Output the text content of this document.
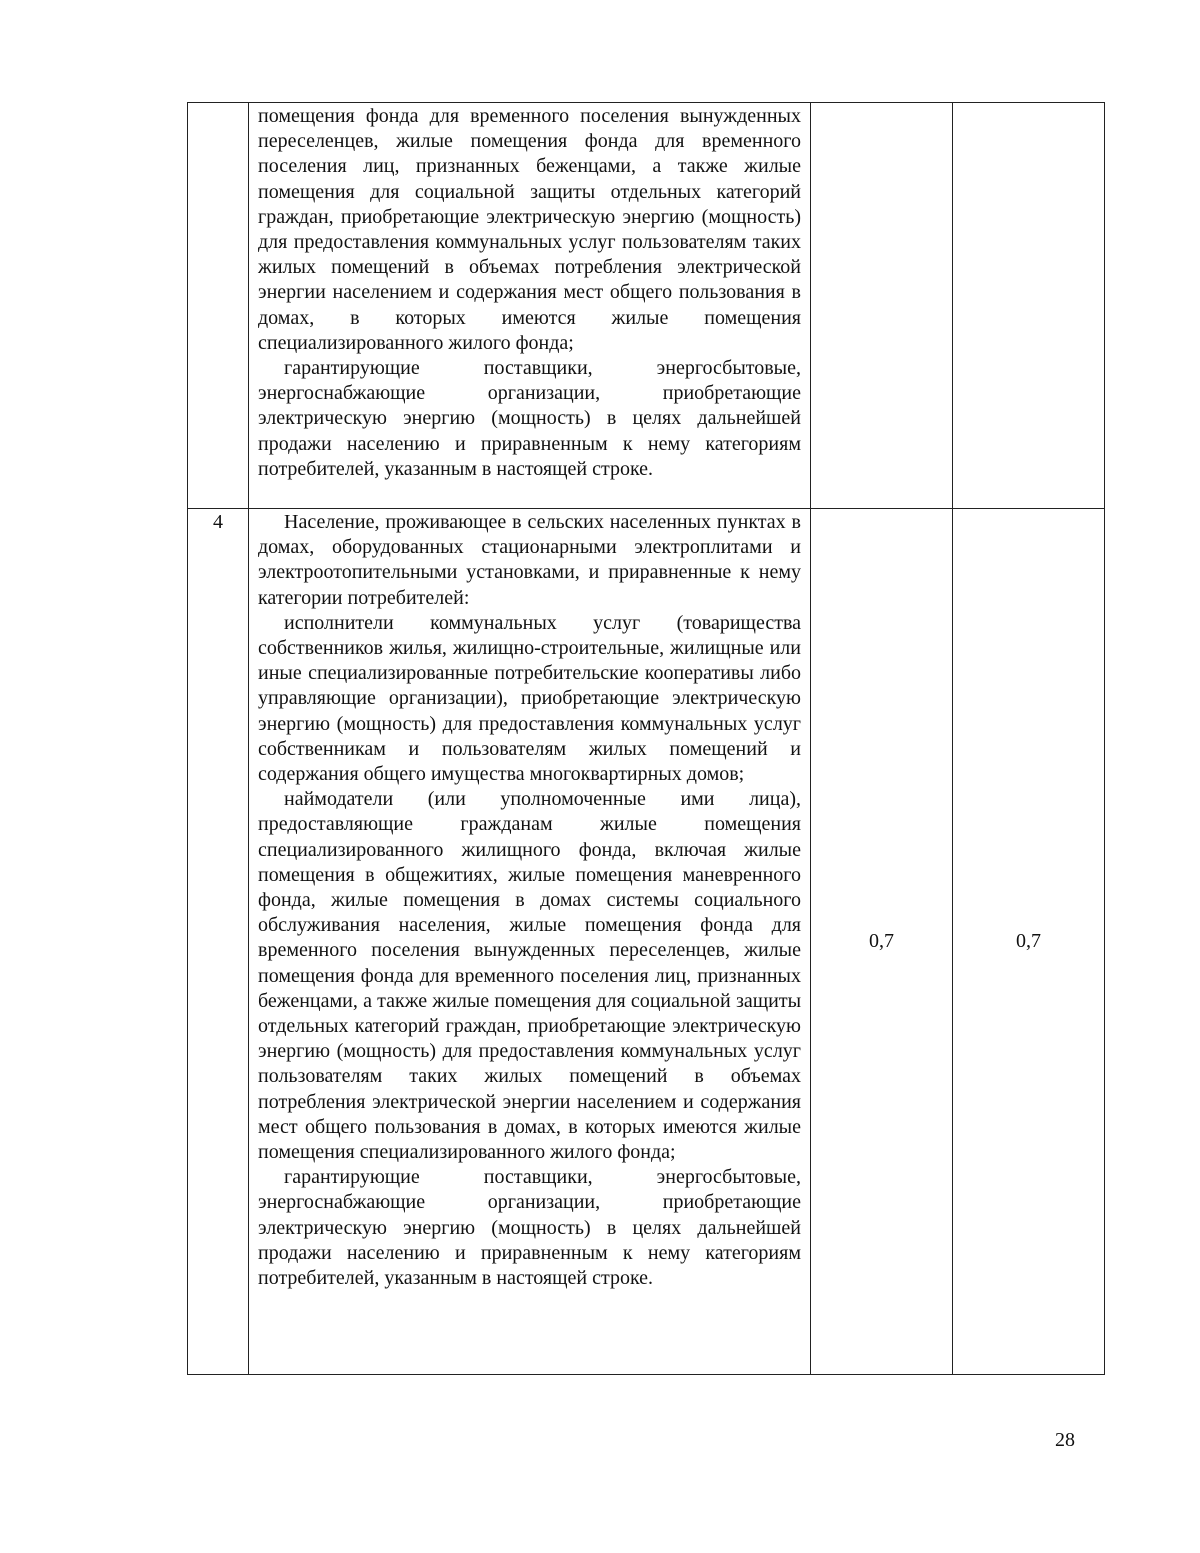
	помещения фонда для временного поселения вынужденных переселенцев, жилые помещения фонда для временного поселения лиц, признанных беженцами, а также жилые помещения для социальной защиты отдельных категорий граждан, приобретающие электрическую энергию (мощность) для предоставления коммунальных услуг пользователям таких жилых помещений в объемах потребления электрической энергии населением и содержания мест общего пользования в домах, в которых имеются жилые помещения специализированного жилого фонда;

гарантирующие поставщики, энергосбытовые, энергоснабжающие организации, приобретающие электрическую энергию (мощность) в целях дальнейшей продажи населению и приравненным к нему категориям потребителей, указанным в настоящей строке.		

4	Население, проживающее в сельских населенных пунктах в домах, оборудованных стационарными электроплитами и электроотопительными установками, и приравненные к нему категории потребителей:

исполнители коммунальных услуг (товарищества собственников жилья, жилищно-строительные, жилищные или иные специализированные потребительские кооперативы либо управляющие организации), приобретающие электрическую энергию (мощность) для предоставления коммунальных услуг собственникам и пользователям жилых помещений и содержания общего имущества многоквартирных домов;

наймодатели (или уполномоченные ими лица), предоставляющие гражданам жилые помещения специализированного жилищного фонда, включая жилые помещения в общежитиях, жилые помещения маневренного фонда, жилые помещения в домах системы социального обслуживания населения, жилые помещения фонда для временного поселения вынужденных переселенцев, жилые помещения фонда для временного поселения лиц, признанных беженцами, а также жилые помещения для социальной защиты отдельных категорий граждан, приобретающие электрическую энергию (мощность) для предоставления коммунальных услуг пользователям таких жилых помещений в объемах потребления электрической энергии населением и содержания мест общего пользования в домах, в которых имеются жилые помещения специализированного жилого фонда;

гарантирующие поставщики, энергосбытовые, энергоснабжающие организации, приобретающие электрическую энергию (мощность) в целях дальнейшей продажи населению и приравненным к нему категориям потребителей, указанным в настоящей строке.	0,7	0,7
28
